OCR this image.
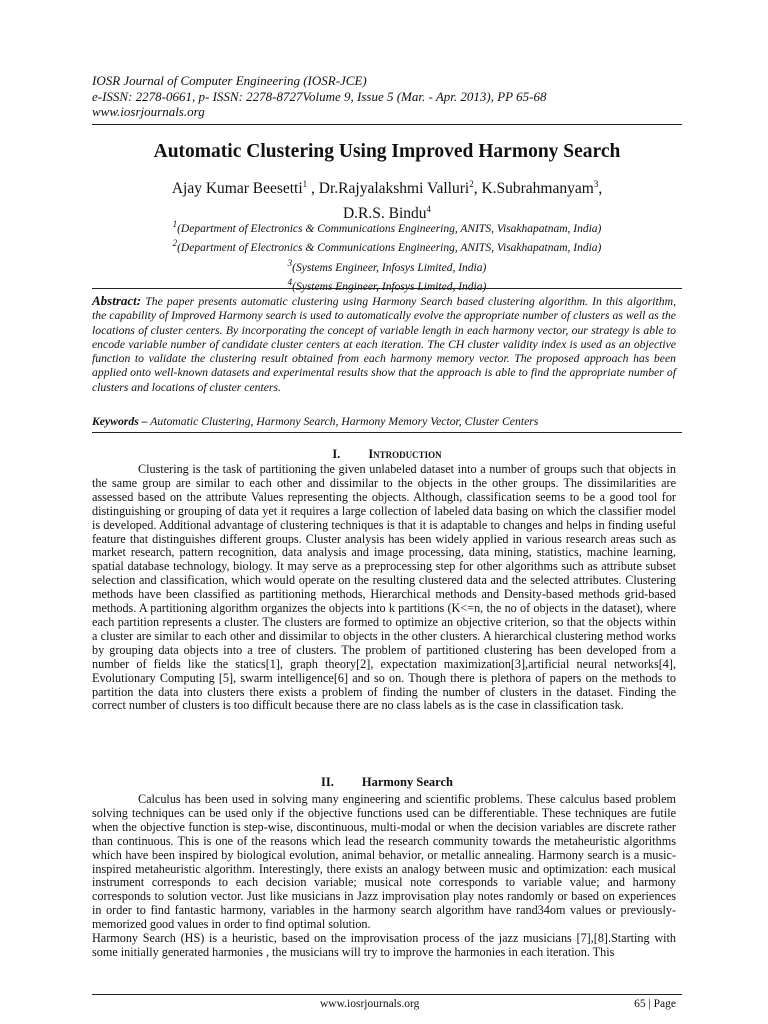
IOSR Journal of Computer Engineering (IOSR-JCE)
e-ISSN: 2278-0661, p- ISSN: 2278-8727Volume 9, Issue 5 (Mar. - Apr. 2013), PP 65-68
www.iosrjournals.org
Automatic Clustering Using Improved Harmony Search
Ajay Kumar Beesetti$^1$ , Dr.Rajyalakshmi Valluri$^2$, K.Subrahmanyam$^3$,
D.R.S. Bindu$^4$
$^1$(Department of Electronics & Communications Engineering, ANITS, Visakhapatnam, India)
$^2$(Department of Electronics & Communications Engineering, ANITS, Visakhapatnam, India)
$^3$(Systems Engineer, Infosys Limited, India)
$^4$(Systems Engineer, Infosys Limited, India)
Abstract: The paper presents automatic clustering using Harmony Search based clustering algorithm. In this algorithm, the capability of Improved Harmony search is used to automatically evolve the appropriate number of clusters as well as the locations of cluster centers. By incorporating the concept of variable length in each harmony vector, our strategy is able to encode variable number of candidate cluster centers at each iteration. The CH cluster validity index is used as an objective function to validate the clustering result obtained from each harmony memory vector. The proposed approach has been applied onto well-known datasets and experimental results show that the approach is able to find the appropriate number of clusters and locations of cluster centers.
Keywords – Automatic Clustering, Harmony Search, Harmony Memory Vector, Cluster Centers
I. Introduction

Clustering is the task of partitioning the given unlabeled dataset into a number of groups such that objects in the same group are similar to each other and dissimilar to the objects in the other groups. The dissimilarities are assessed based on the attribute Values representing the objects. Although, classification seems to be a good tool for distinguishing or grouping of data yet it requires a large collection of labeled data basing on which the classifier model is developed. Additional advantage of clustering techniques is that it is adaptable to changes and helps in finding useful feature that distinguishes different groups. Cluster analysis has been widely applied in various research areas such as market research, pattern recognition, data analysis and image processing, data mining, statistics, machine learning, spatial database technology, biology. It may serve as a preprocessing step for other algorithms such as attribute subset selection and classification, which would operate on the resulting clustered data and the selected attributes. Clustering methods have been classified as partitioning methods, Hierarchical methods and Density-based methods grid-based methods. A partitioning algorithm organizes the objects into k partitions (K<=n, the no of objects in the dataset), where each partition represents a cluster. The clusters are formed to optimize an objective criterion, so that the objects within a cluster are similar to each other and dissimilar to objects in the other clusters. A hierarchical clustering method works by grouping data objects into a tree of clusters. The problem of partitioned clustering has been developed from a number of fields like the statics[1], graph theory[2], expectation maximization[3],artificial neural networks[4], Evolutionary Computing [5], swarm intelligence[6] and so on. Though there is plethora of papers on the methods to partition the data into clusters there exists a problem of finding the number of clusters in the dataset. Finding the correct number of clusters is too difficult because there are no class labels as is the case in classification task.

II. Harmony Search

Calculus has been used in solving many engineering and scientific problems. These calculus based problem solving techniques can be used only if the objective functions used can be differentiable. These techniques are futile when the objective function is step-wise, discontinuous, multi-modal or when the decision variables are discrete rather than continuous. This is one of the reasons which lead the research community towards the metaheuristic algorithms which have been inspired by biological evolution, animal behavior, or metallic annealing. Harmony search is a music-inspired metaheuristic algorithm. Interestingly, there exists an analogy between music and optimization: each musical instrument corresponds to each decision variable; musical note corresponds to variable value; and harmony corresponds to solution vector. Just like musicians in Jazz improvisation play notes randomly or based on experiences in order to find fantastic harmony, variables in the harmony search algorithm have rand34om values or previously-memorized good values in order to find optimal solution.

Harmony Search (HS) is a heuristic, based on the improvisation process of the jazz musicians [7],[8].Starting with some initially generated harmonies , the musicians will try to improve the harmonies in each iteration. This

www.iosrjournals.org	65 | Page
